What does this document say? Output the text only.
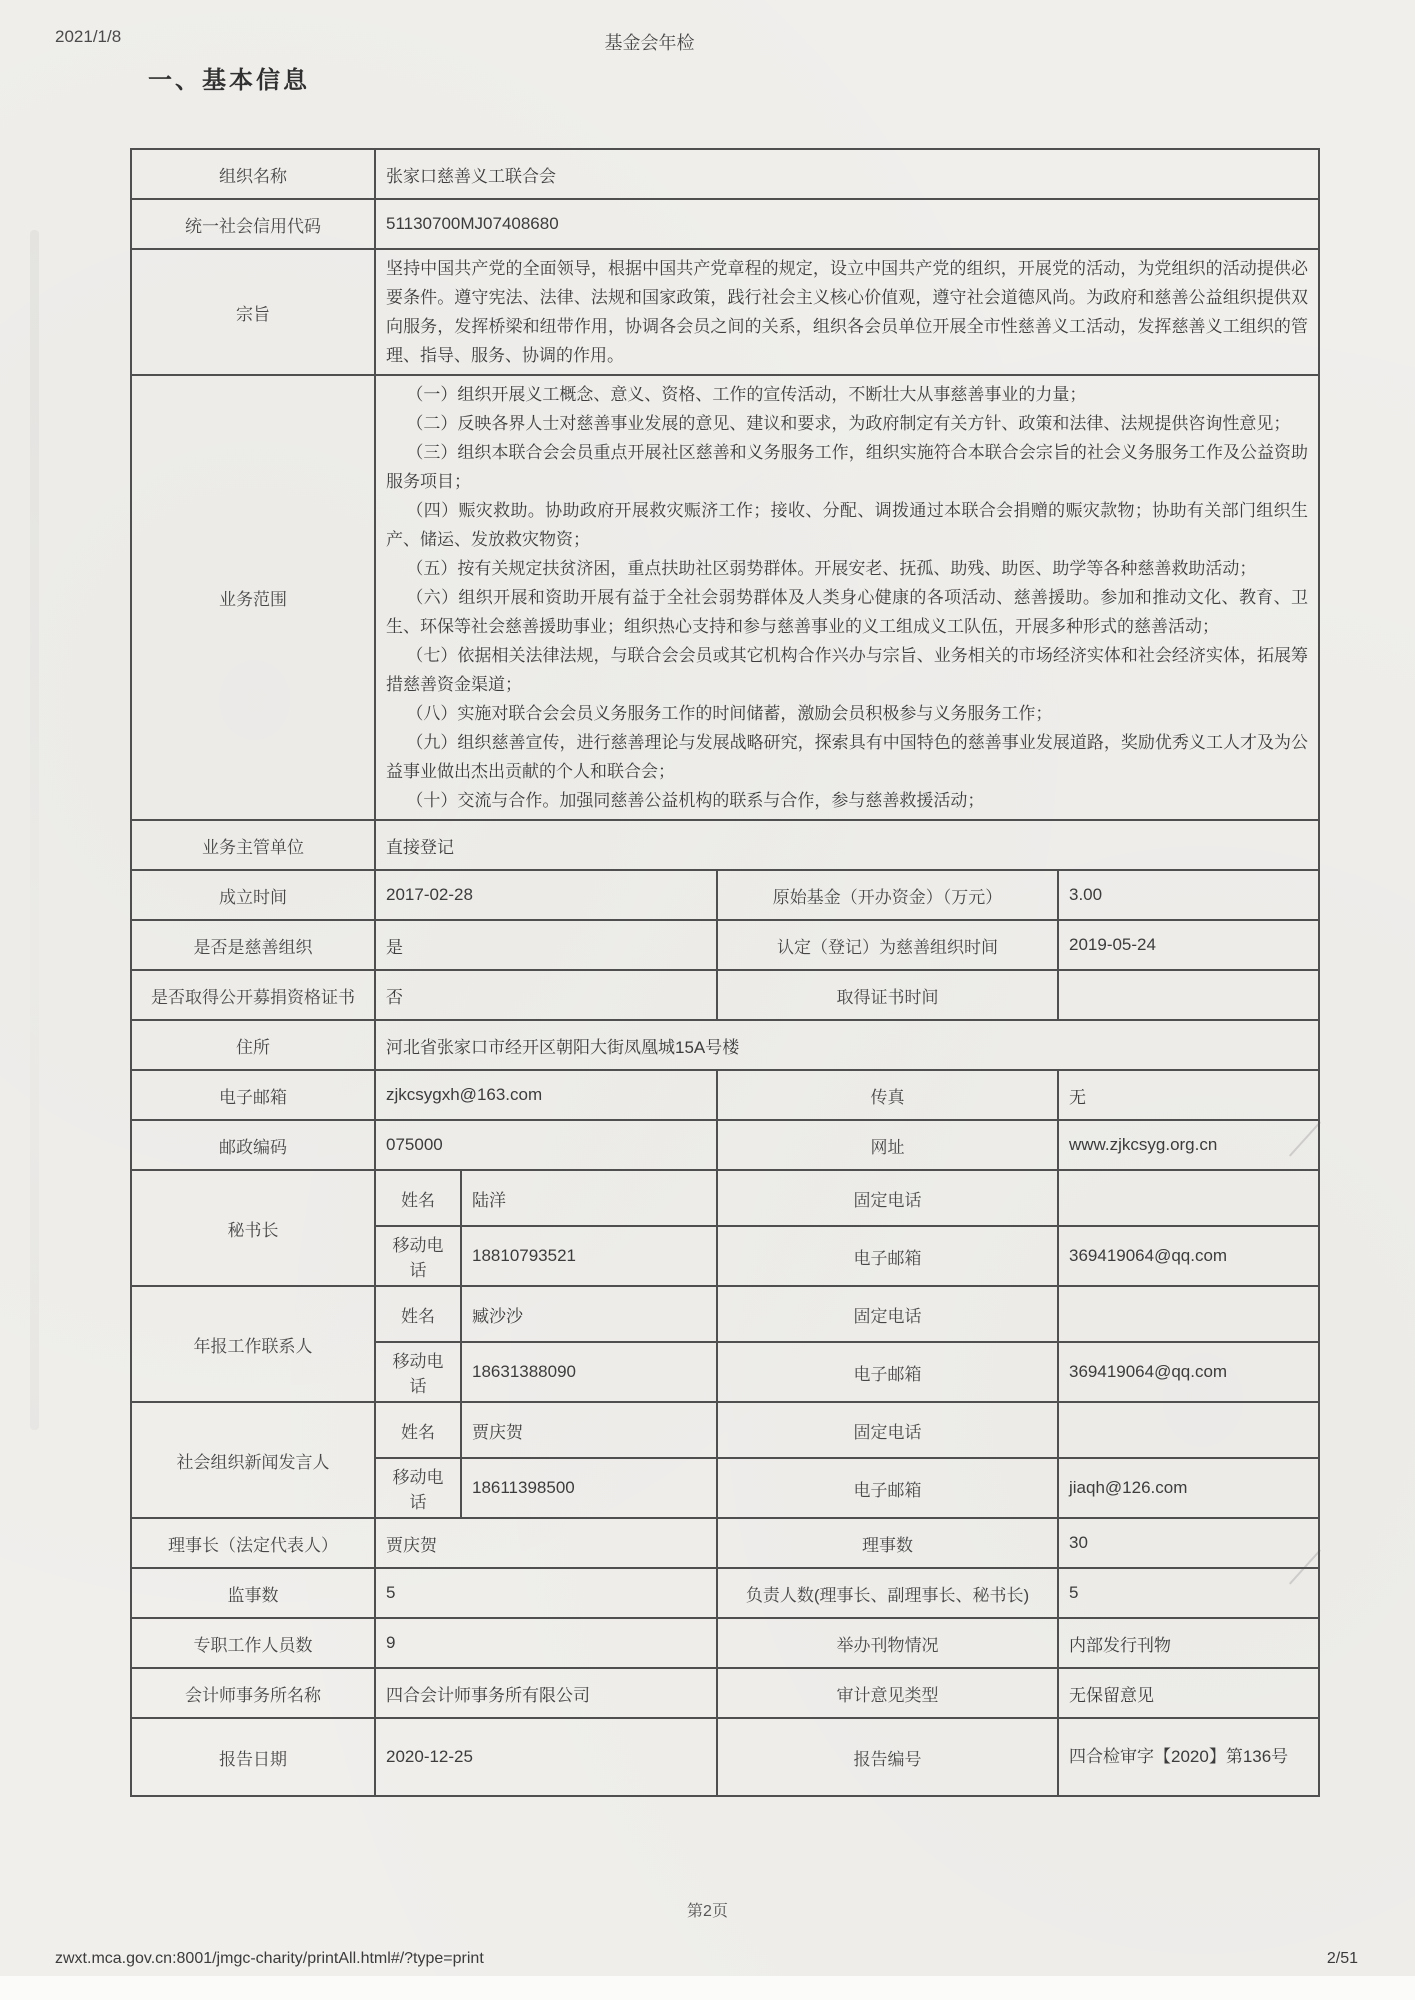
2021/1/8	基金会年检
一、基本信息
组织名称	张家口慈善义工联合会			
统一社会信用代码	51130700MJ07408680			
宗旨	坚持中国共产党的全面领导，根据中国共产党章程的规定，设立中国共产党的组织，开展党的活动，为党组织的活动提供必要条件。遵守宪法、法律、法规和国家政策，践行社会主义核心价值观，遵守社会道德风尚。为政府和慈善公益组织提供双向服务，发挥桥梁和纽带作用，协调各会员之间的关系，组织各会员单位开展全市性慈善义工活动，发挥慈善义工组织的管理、指导、服务、协调的作用。			
业务范围	

（一）组织开展义工概念、意义、资格、工作的宣传活动，不断壮大从事慈善事业的力量；

（二）反映各界人士对慈善事业发展的意见、建议和要求，为政府制定有关方针、政策和法律、法规提供咨询性意见；

（三）组织本联合会会员重点开展社区慈善和义务服务工作，组织实施符合本联合会宗旨的社会义务服务工作及公益资助服务项目；

（四）赈灾救助。协助政府开展救灾赈济工作；接收、分配、调拨通过本联合会捐赠的赈灾款物；协助有关部门组织生产、储运、发放救灾物资；

（五）按有关规定扶贫济困，重点扶助社区弱势群体。开展安老、抚孤、助残、助医、助学等各种慈善救助活动；

（六）组织开展和资助开展有益于全社会弱势群体及人类身心健康的各项活动、慈善援助。参加和推动文化、教育、卫生、环保等社会慈善援助事业；组织热心支持和参与慈善事业的义工组成义工队伍，开展多种形式的慈善活动；

（七）依据相关法律法规，与联合会会员或其它机构合作兴办与宗旨、业务相关的市场经济实体和社会经济实体，拓展筹措慈善资金渠道；

（八）实施对联合会会员义务服务工作的时间储蓄，激励会员积极参与义务服务工作；

（九）组织慈善宣传，进行慈善理论与发展战略研究，探索具有中国特色的慈善事业发展道路，奖励优秀义工人才及为公益事业做出杰出贡献的个人和联合会；

（十）交流与合作。加强同慈善公益机构的联系与合作，参与慈善救援活动；

业务主管单位	直接登记			
成立时间	2017-02-28		原始基金（开办资金）（万元）	3.00
是否是慈善组织	是		认定（登记）为慈善组织时间	2019-05-24
是否取得公开募捐资格证书	否		取得证书时间	
住所	河北省张家口市经开区朝阳大街凤凰城15A号楼			
电子邮箱	zjkcsygxh@163.com		传真	无
邮政编码	075000		网址	www.zjkcsyg.org.cn
秘书长	姓名	陆洋	固定电话	
	移动电话	18810793521	电子邮箱	369419064@qq.com
年报工作联系人	姓名	臧沙沙	固定电话	
	移动电话	18631388090	电子邮箱	369419064@qq.com
社会组织新闻发言人	姓名	贾庆贺	固定电话	
	移动电话	18611398500	电子邮箱	jiaqh@126.com
理事长（法定代表人）	贾庆贺		理事数	30
监事数	5		负责人数(理事长、副理事长、秘书长)	5
专职工作人员数	9		举办刊物情况	内部发行刊物
会计师事务所名称	四合会计师事务所有限公司		审计意见类型	无保留意见
报告日期	2020-12-25		报告编号	四合检审字【2020】第136号
第2页
zwxt.mca.gov.cn:8001/jmgc-charity/printAll.html#/?type=print	2/51
